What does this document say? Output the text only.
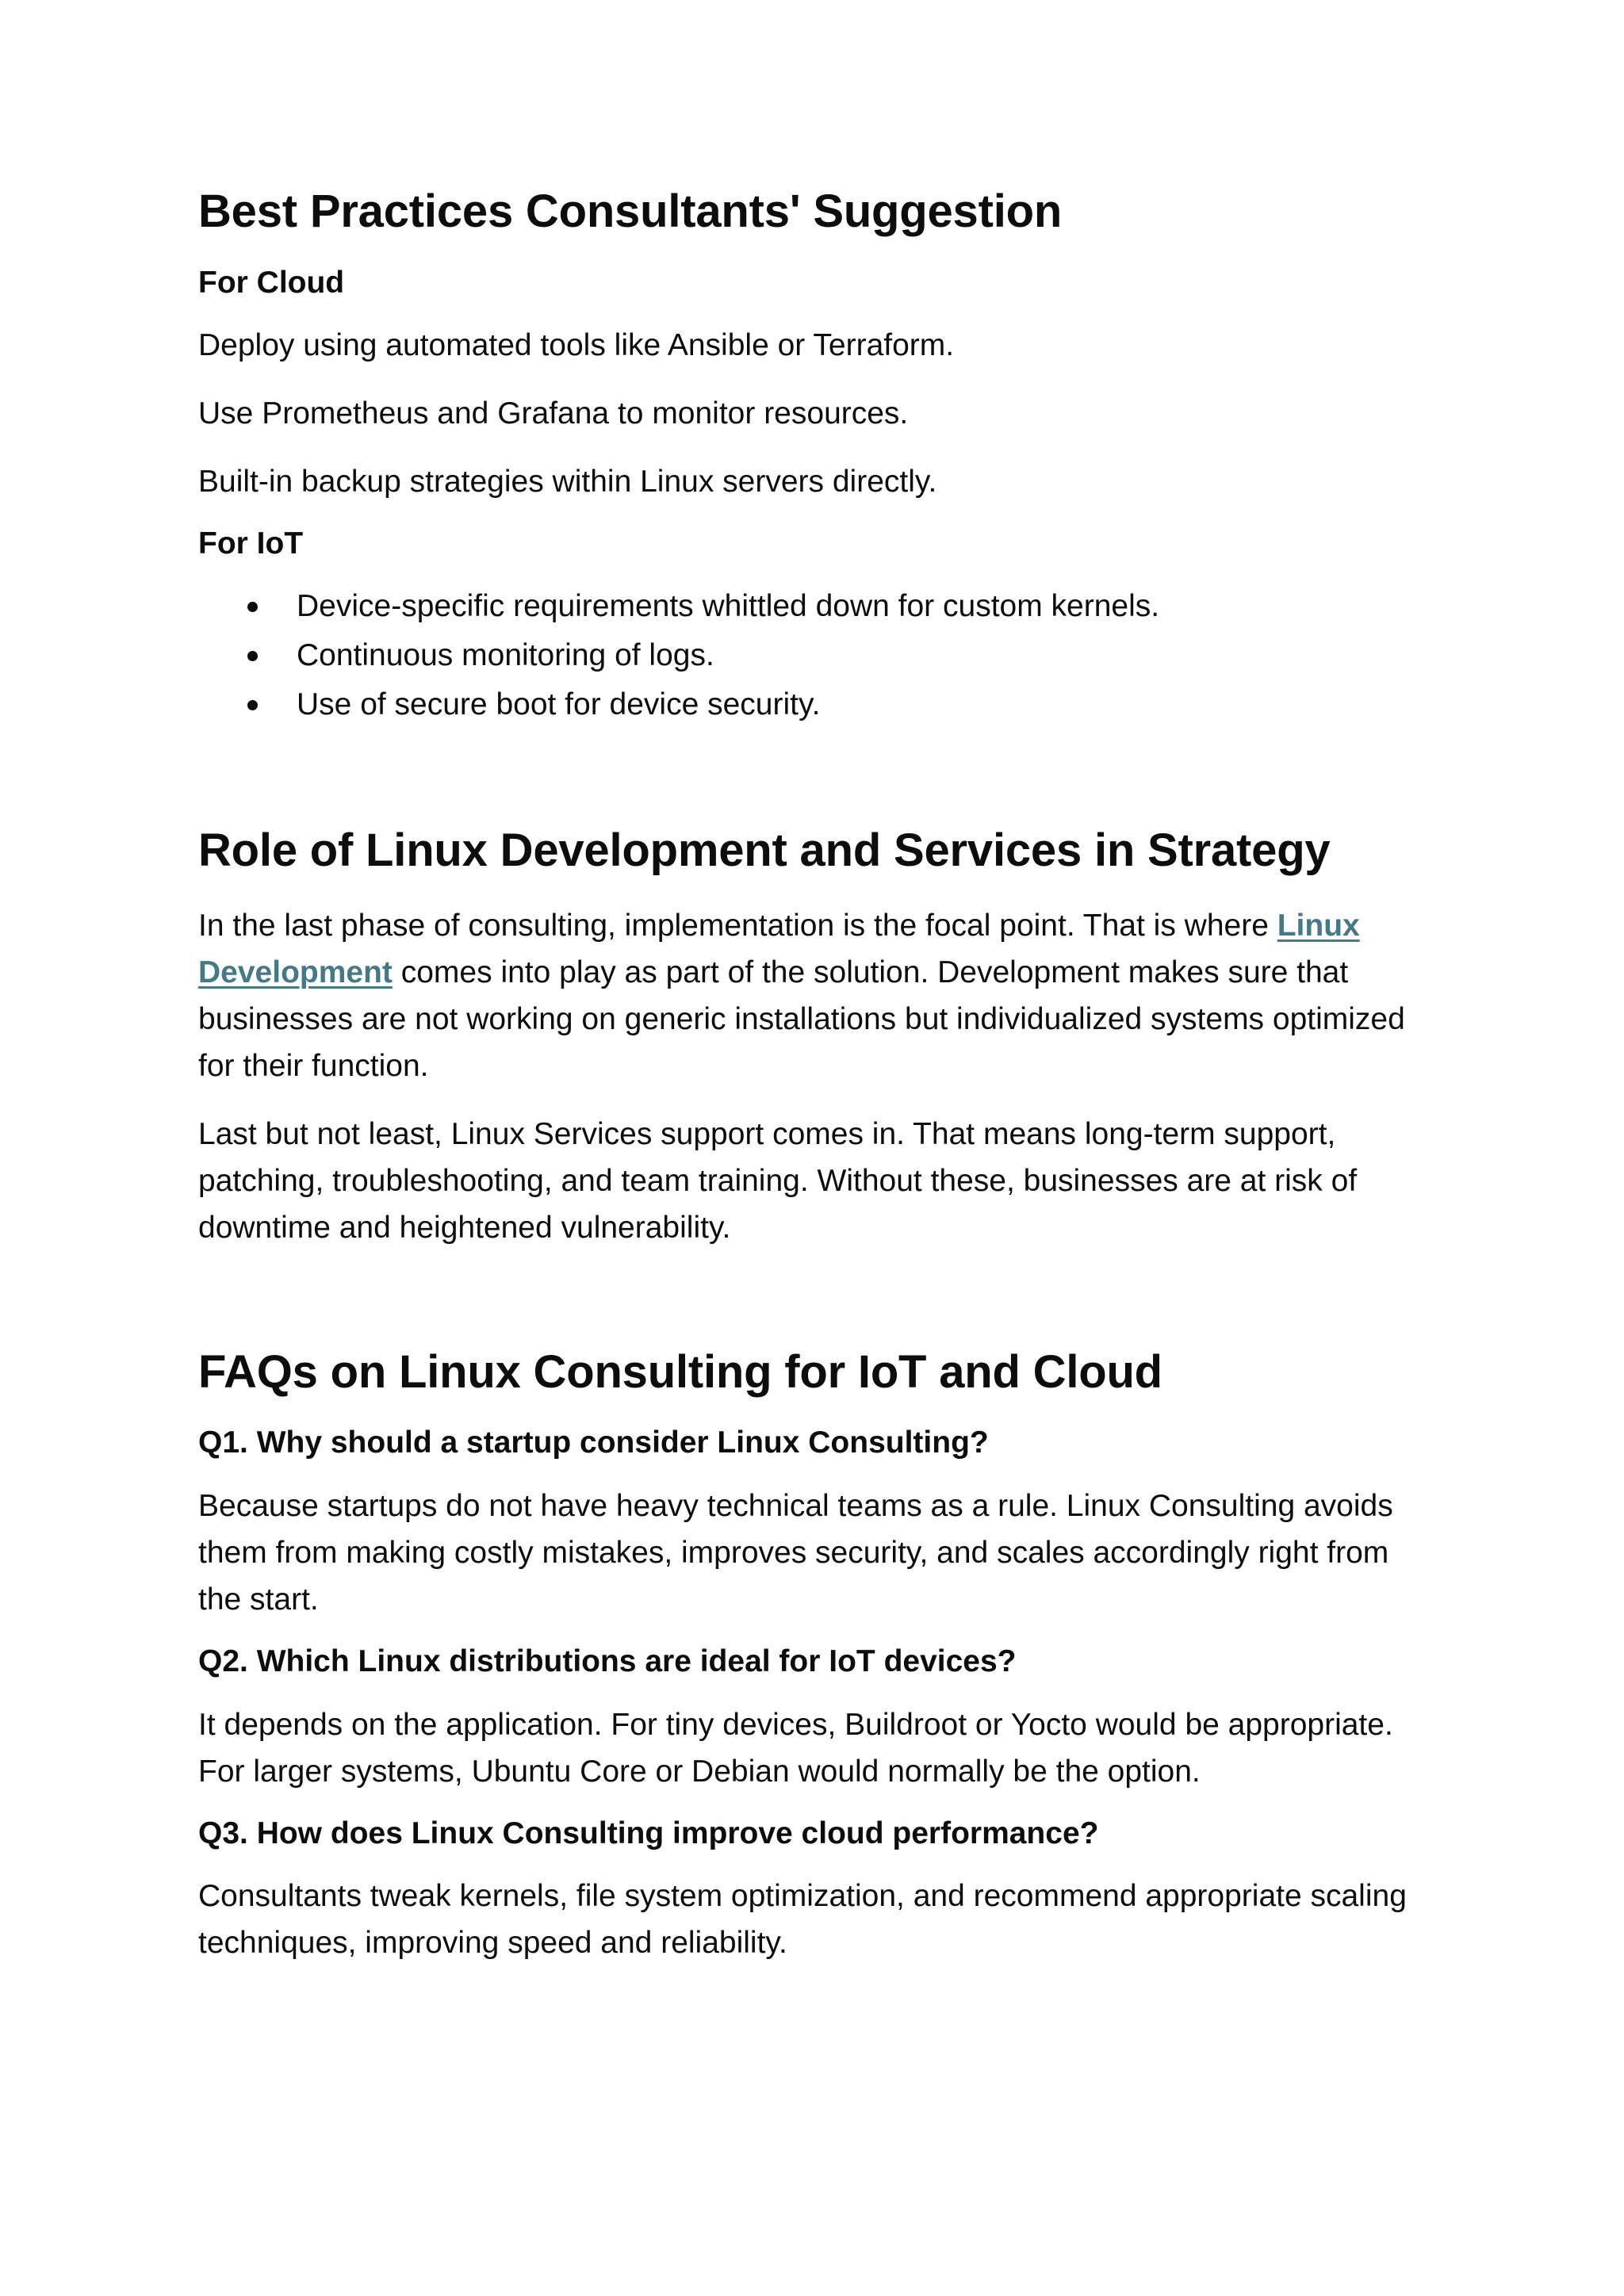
Best Practices Consultants' Suggestion
For Cloud

Deploy using automated tools like Ansible or Terraform.

Use Prometheus and Grafana to monitor resources.

Built-in backup strategies within Linux servers directly.

For IoT
Device-specific requirements whittled down for custom kernels.
Continuous monitoring of logs.
Use of secure boot for device security.
Role of Linux Development and Services in Strategy

In the last phase of consulting, implementation is the focal point. That is where Linux Development comes into play as part of the solution. Development makes sure that businesses are not working on generic installations but individualized systems optimized for their function.

Last but not least, Linux Services support comes in. That means long-term support, patching, troubleshooting, and team training. Without these, businesses are at risk of downtime and heightened vulnerability.

FAQs on Linux Consulting for IoT and Cloud
Q1. Why should a startup consider Linux Consulting?

Because startups do not have heavy technical teams as a rule. Linux Consulting avoids them from making costly mistakes, improves security, and scales accordingly right from the start.

Q2. Which Linux distributions are ideal for IoT devices?

It depends on the application. For tiny devices, Buildroot or Yocto would be appropriate. For larger systems, Ubuntu Core or Debian would normally be the option.

Q3. How does Linux Consulting improve cloud performance?

Consultants tweak kernels, file system optimization, and recommend appropriate scaling techniques, improving speed and reliability.
